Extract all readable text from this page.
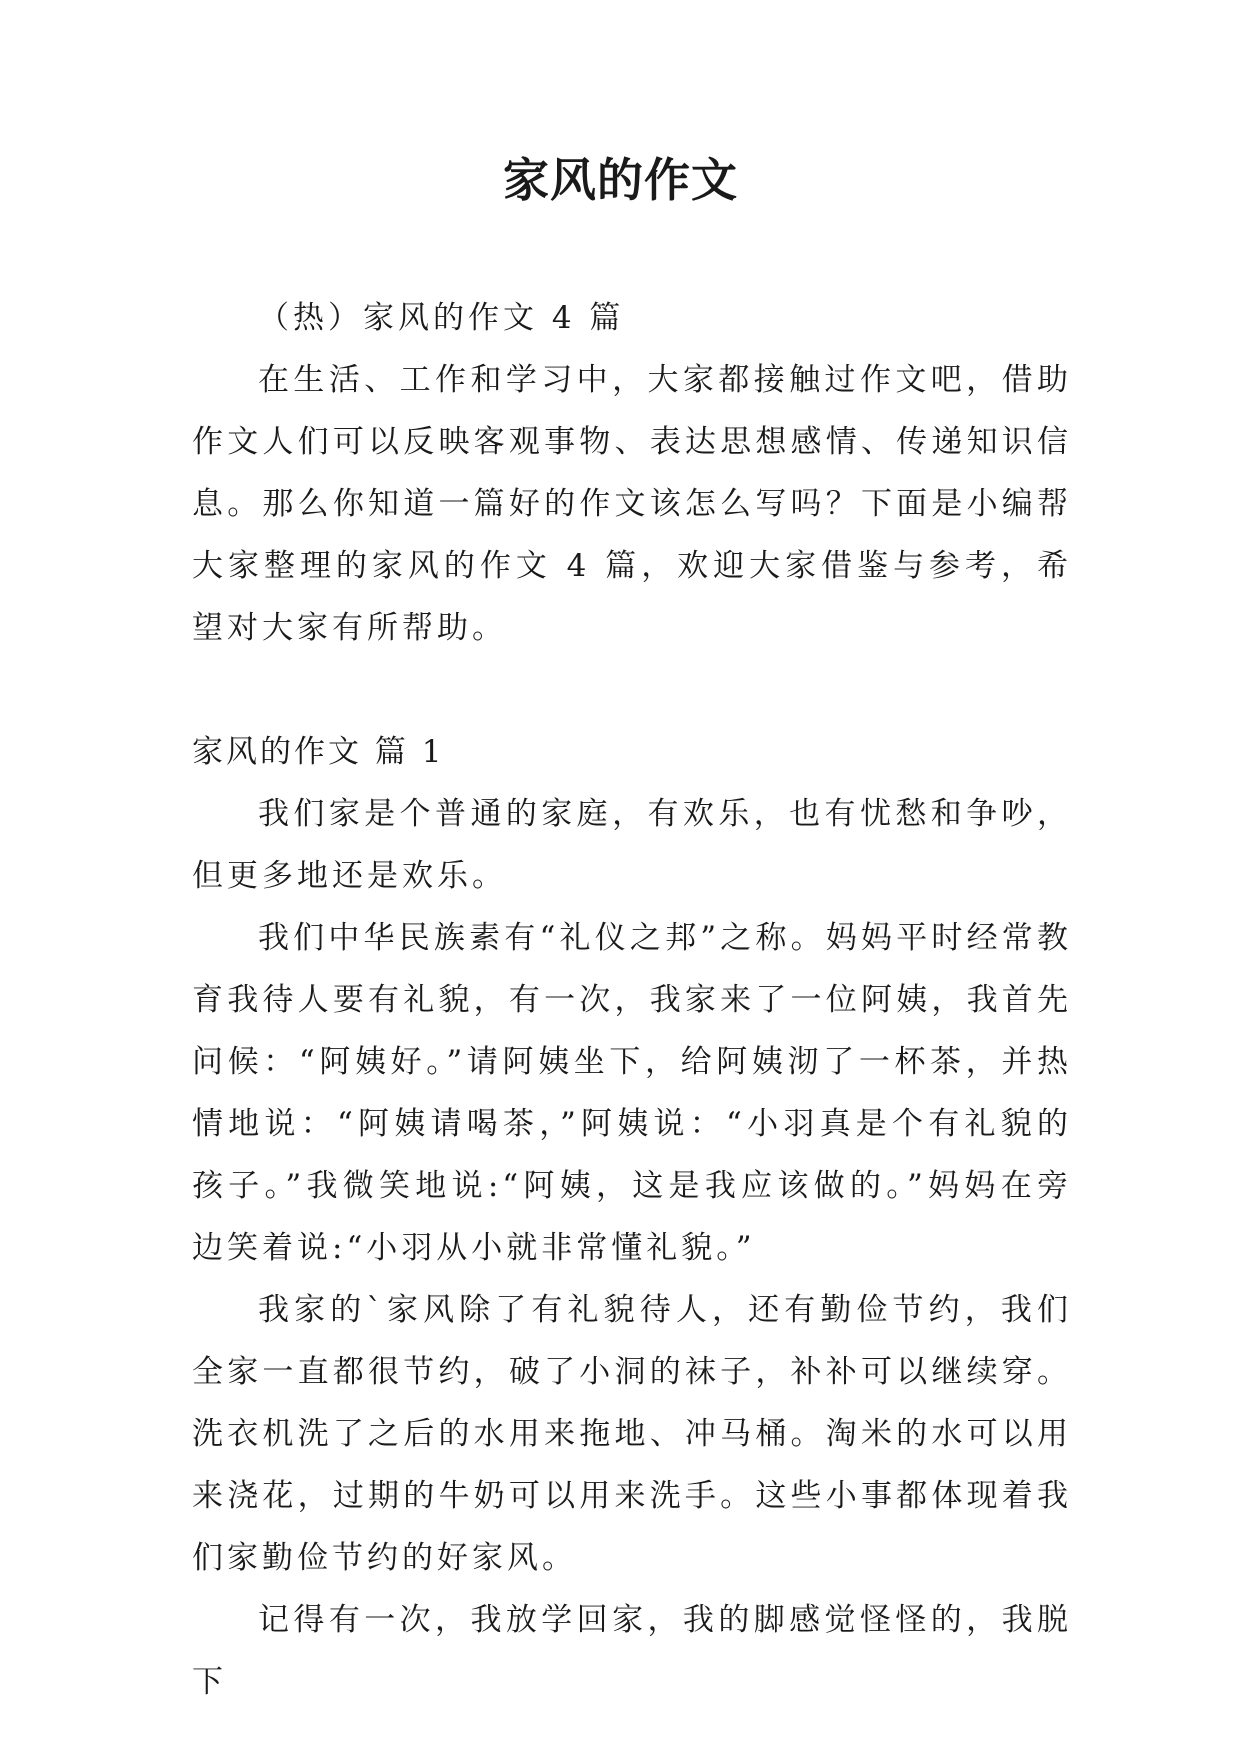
家风的作文

（热）家风的作文 4 篇

在生活、工作和学习中，大家都接触过作文吧，借助作文人们可以反映客观事物、表达思想感情、传递知识信息。那么你知道一篇好的作文该怎么写吗？下面是小编帮大家整理的家风的作文 4 篇，欢迎大家借鉴与参考，希望对大家有所帮助。

家风的作文 篇 1

我们家是个普通的家庭，有欢乐，也有忧愁和争吵，但更多地还是欢乐。

我们中华民族素有“礼仪之邦”之称。妈妈平时经常教育我待人要有礼貌，有一次，我家来了一位阿姨，我首先问候：“阿姨好。”请阿姨坐下，给阿姨沏了一杯茶，并热情地说：“阿姨请喝茶，”阿姨说：“小羽真是个有礼貌的孩子。”我微笑地说:“阿姨，这是我应该做的。”妈妈在旁边笑着说:“小羽从小就非常懂礼貌。”

我家的`家风除了有礼貌待人，还有勤俭节约，我们全家一直都很节约，破了小洞的袜子，补补可以继续穿。洗衣机洗了之后的水用来拖地、冲马桶。淘米的水可以用来浇花，过期的牛奶可以用来洗手。这些小事都体现着我们家勤俭节约的好家风。

记得有一次，我放学回家，我的脚感觉怪怪的，我脱下
